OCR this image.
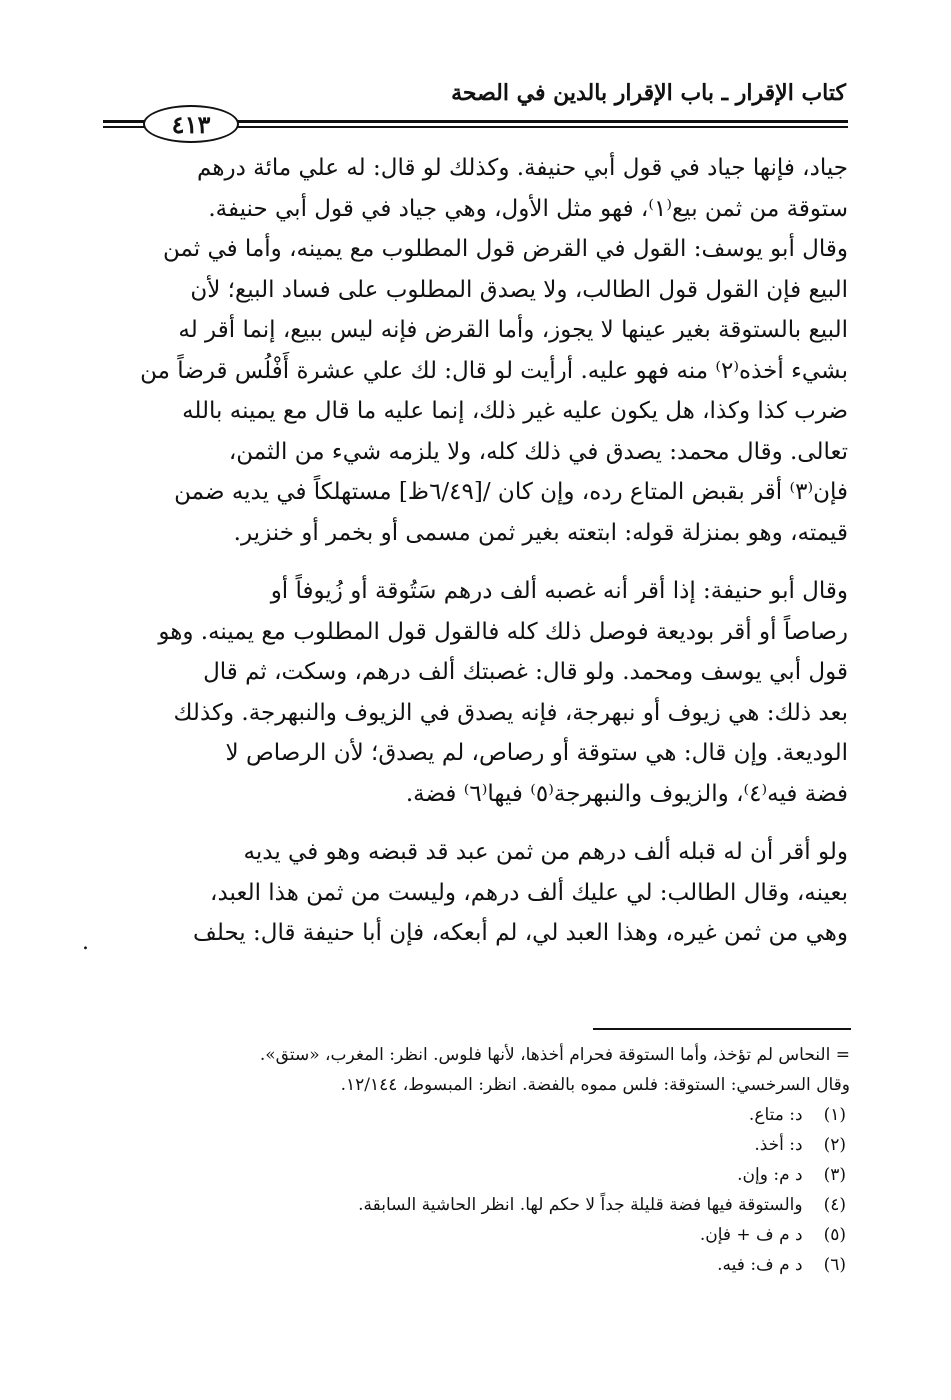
كتاب الإقرار ـ باب الإقرار بالدين في الصحة
٤١٣

جياد، فإنها جياد في قول أبي حنيفة. وكذلك لو قال: له علي مائة درهم
ستوقة من ثمن بيع⁽١⁾، فهو مثل الأول، وهي جياد في قول أبي حنيفة.
وقال أبو يوسف: القول في القرض قول المطلوب مع يمينه، وأما في ثمن
البيع فإن القول قول الطالب، ولا يصدق المطلوب على فساد البيع؛ لأن
البيع بالستوقة بغير عينها لا يجوز، وأما القرض فإنه ليس ببيع، إنما أقر له
بشيء أخذه⁽٢⁾ منه فهو عليه. أرأيت لو قال: لك علي عشرة أَفْلُس قرضاً من
ضرب كذا وكذا، هل يكون عليه غير ذلك، إنما عليه ما قال مع يمينه بالله
تعالى. وقال محمد: يصدق في ذلك كله، ولا يلزمه شيء من الثمن،
فإن⁽٣⁾ أقر بقبض المتاع رده، وإن كان /[٦/٤٩ظ] مستهلكاً في يديه ضمن
قيمته، وهو بمنزلة قوله: ابتعته بغير ثمن مسمى أو بخمر أو خنزير.

وقال أبو حنيفة: إذا أقر أنه غصبه ألف درهم سَتُوقة أو زُيوفاً أو
رصاصاً أو أقر بوديعة فوصل ذلك كله فالقول قول المطلوب مع يمينه. وهو
قول أبي يوسف ومحمد. ولو قال: غصبتك ألف درهم، وسكت، ثم قال
بعد ذلك: هي زيوف أو نبهرجة، فإنه يصدق في الزيوف والنبهرجة. وكذلك
الوديعة. وإن قال: هي ستوقة أو رصاص، لم يصدق؛ لأن الرصاص لا
فضة فيه⁽٤⁾، والزيوف والنبهرجة⁽٥⁾ فيها⁽٦⁾ فضة.

ولو أقر أن له قبله ألف درهم من ثمن عبد قد قبضه وهو في يديه
بعينه، وقال الطالب: لي عليك ألف درهم، وليست من ثمن هذا العبد،
وهي من ثمن غيره، وهذا العبد لي، لم أبعكه، فإن أبا حنيفة قال: يحلف

.
= النحاس لم تؤخذ، وأما الستوقة فحرام أخذها، لأنها فلوس. انظر: المغرب، «ستق».
وقال السرخسي: الستوقة: فلس مموه بالفضة. انظر: المبسوط، ١٢/١٤٤.
(١) د: متاع.
(٢) د: أخذ.
(٣) د م: وإن.
(٤) والستوقة فيها فضة قليلة جداً لا حكم لها. انظر الحاشية السابقة.
(٥) د م ف + فإن.
(٦) د م ف: فيه.
